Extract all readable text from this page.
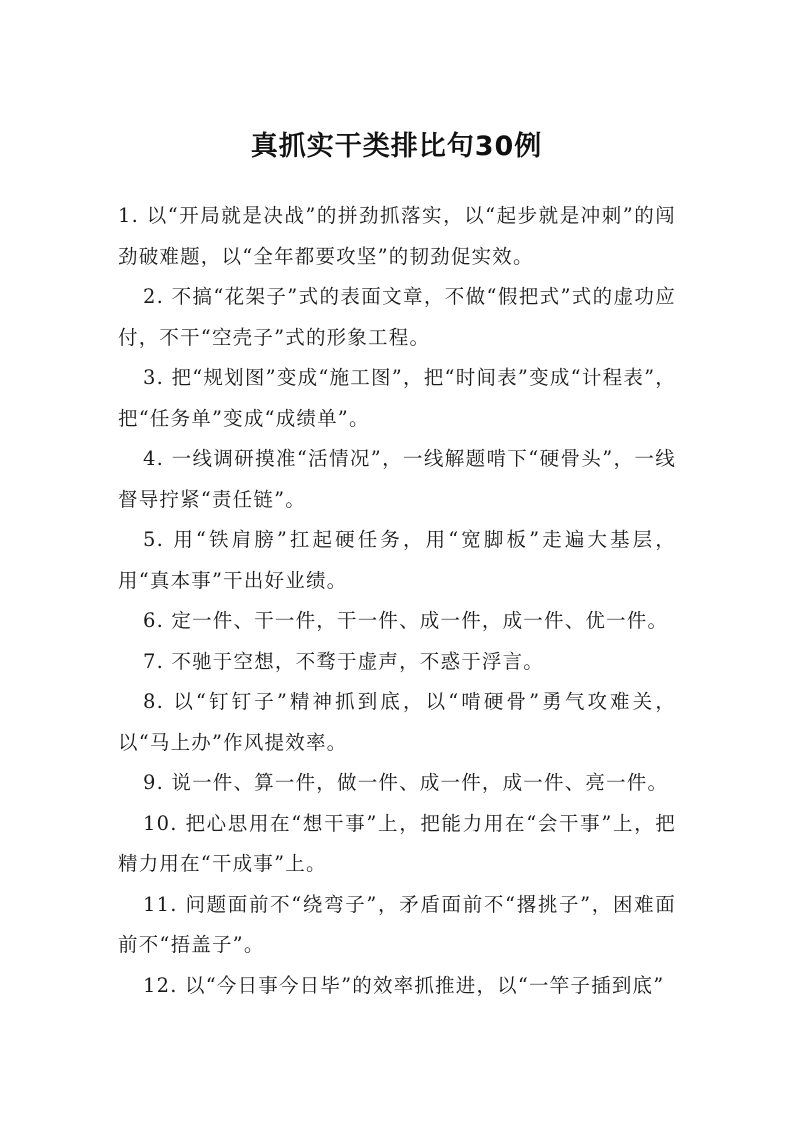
真抓实干类排比句30例

1. 以“开局就是决战”的拼劲抓落实，以“起步就是冲刺”的闯劲破难题，以“全年都要攻坚”的韧劲促实效。

2. 不搞“花架子”式的表面文章，不做“假把式”式的虚功应付，不干“空壳子”式的形象工程。

3. 把“规划图”变成“施工图”，把“时间表”变成“计程表”，把“任务单”变成“成绩单”。

4. 一线调研摸准“活情况”，一线解题啃下“硬骨头”，一线督导拧紧“责任链”。

5. 用“铁肩膀”扛起硬任务，用“宽脚板”走遍大基层，用“真本事”干出好业绩。

6. 定一件、干一件，干一件、成一件，成一件、优一件。

7. 不驰于空想，不骛于虚声，不惑于浮言。

8. 以“钉钉子”精神抓到底，以“啃硬骨”勇气攻难关，以“马上办”作风提效率。

9. 说一件、算一件，做一件、成一件，成一件、亮一件。

10. 把心思用在“想干事”上，把能力用在“会干事”上，把精力用在“干成事”上。

11. 问题面前不“绕弯子”，矛盾面前不“撂挑子”，困难面前不“捂盖子”。

12. 以“今日事今日毕”的效率抓推进，以“一竿子插到底”
